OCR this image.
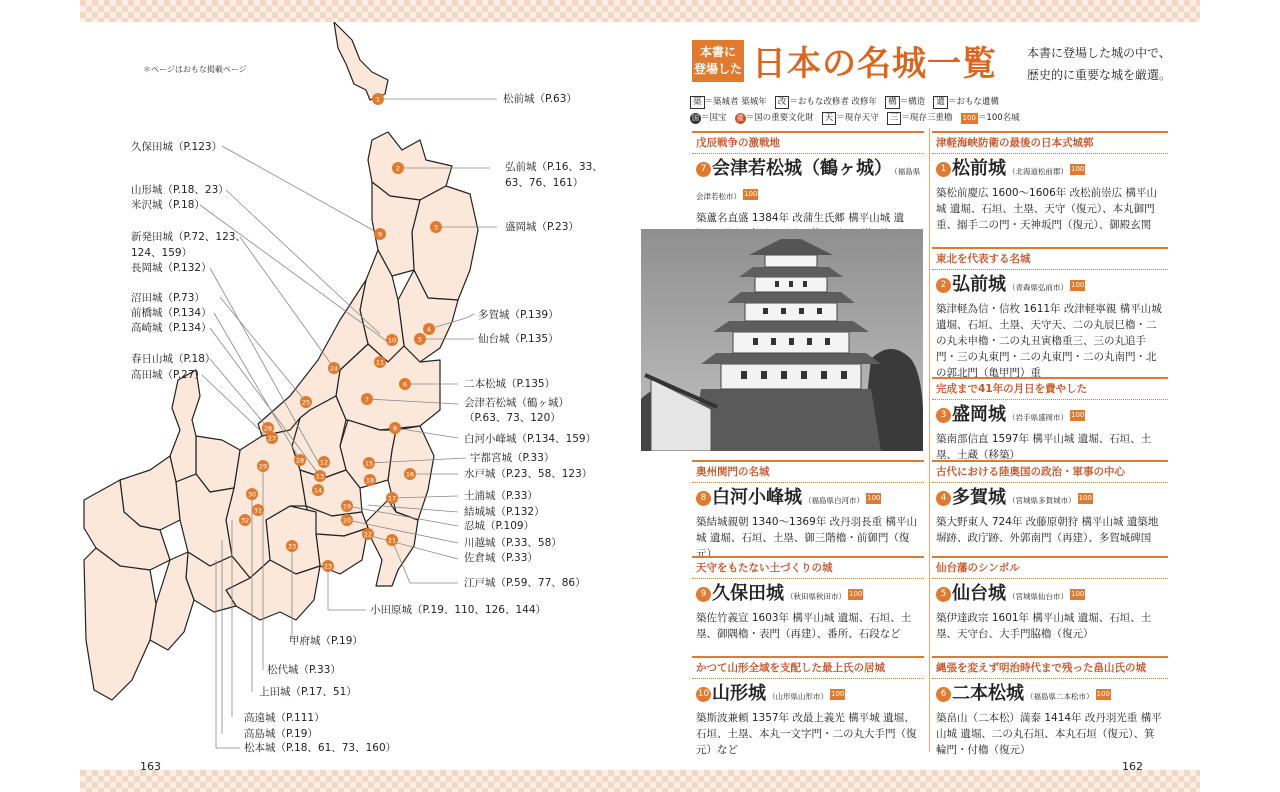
1
2
3
4
5
6
7
8
9
10
11
12
13
14
15
16
17
18
19
20
21
22
23
24
25
26
27
28
29
30
31
32
33
＊ページはおもな掲載ページ
松前城（P.63）
久保田城（P.123）
弘前城（P.16、33、
63、76、161）
山形城（P.18、23）
米沢城（P.18）
盛岡城（P.23）
新発田城（P.72、123、
124、159）
長岡城（P.132）
沼田城（P.73）
前橋城（P.134）
高崎城（P.134）
多賀城（P.139）
仙台城（P.135）
春日山城（P.18）
高田城（P.27）
二本松城（P.135）
会津若松城（鶴ヶ城）
（P.63、73、120）
白河小峰城（P.134、159）
宇都宮城（P.33）
水戸城（P.23、58、123）
土浦城（P.33）
結城城（P.132）
忍城（P.109）
川越城（P.33、58）
佐倉城（P.33）
江戸城（P.59、77、86）
小田原城（P.19、110、126、144）
甲府城（P.19）
松代城（P.33）
上田城（P.17、51）
高遠城（P.111）
高島城（P.19）
松本城（P.18、61、73、160）
163	162
本書に
登場した 日本の名城一覧	本書に登場した城の中で、
歴史的に重要な城を厳選。
築 ＝築城者 築城年 改 ＝おもな改修者 改修年 構 ＝構造 遺 ＝おもな遺構
国 ＝国宝 重 ＝国の重要文化財 天 ＝現存天守 三 ＝現存三重櫓 100 ＝100名城
戊辰戦争の激戦地
7 会津若松城（鶴ヶ城） （福島県会津若松市） 100
築蘆名直盛 1384年 改蒲生氏郷 構平山城 遺
津軽海峡防衛の最後の日本式城郭
1 松前城 （北海道松前郡） 100
築松前慶広 1600～1606年 改松前崇広 構平山城 遺堀、石垣、土塁、天守（復元）、本丸御門重、搦手二の門・天神坂門（復元）、御殿玄関
東北を代表する名城
2 弘前城 （青森県弘前市） 100
築津軽為信・信枚 1611年 改津軽寧親 構平山城 遺堀、石垣、土塁、天守天、二の丸辰巳櫓・二の丸未申櫓・二の丸丑寅櫓重三、三の丸追手門・三の丸東門・二の丸東門・二の丸南門・北の郭北門（亀甲門）重
完成まで41年の月日を費やした
3 盛岡城 （岩手県盛岡市） 100
築南部信直 1597年 構平山城 遺堀、石垣、土塁、土蔵（移築）
奥州関門の名城
8 白河小峰城 （福島県白河市） 100
築結城親朝 1340～1369年 改丹羽長重 構平山城 遺堀、石垣、土塁、御三階櫓・前御門（復元）
古代における陸奥国の政治・軍事の中心
4 多賀城 （宮城県多賀城市） 100
築大野東人 724年 改藤原朝狩 構平山城 遺築地塀跡、政庁跡、外郭南門（再建）、多賀城碑国
天守をもたない土づくりの城
9 久保田城 （秋田県秋田市） 100
築佐竹義宣 1603年 構平山城 遺堀、石垣、土塁、御隅櫓・表門（再建）、番所、石段など
仙台藩のシンボル
5 仙台城 （宮城県仙台市） 100
築伊達政宗 1601年 構平山城 遺堀、石垣、土塁、天守台、大手門脇櫓（復元）
かつて山形全域を支配した最上氏の居城
10 山形城 （山形県山形市） 100
築斯波兼頼 1357年 改最上義光 構平城 遺堀、石垣、土塁、本丸一文字門・二の丸大手門（復元）など
縄張を変えず明治時代まで残った畠山氏の城
6 二本松城 （福島県二本松市） 100
築畠山（二本松）満泰 1414年 改丹羽光重 構平山城 遺堀、二の丸石垣、本丸石垣（復元）、箕輪門・付櫓（復元）
